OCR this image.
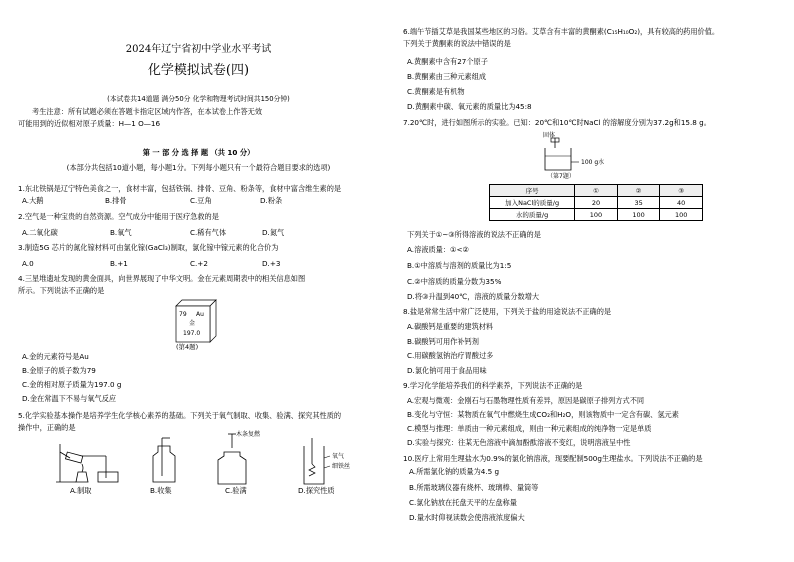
2024年辽宁省初中学业水平考试
化学模拟试卷(四)
(本试卷共14道题 满分50分 化学和物理考试时间共150分钟)
考生注意：所有试题必须在答题卡指定区域内作答，在本试卷上作答无效
可能用到的近似相对原子质量：H—1 O—16
第 一 部 分 选 择 题 （共 10 分）
(本部分共包括10道小题，每小题1分。下列每小题只有一个最符合题目要求的选项)
1.东北铁锅是辽宁特色美食之一，食材丰富，包括铁锅、排骨、豆角、粉条等，食材中富含维生素的是
A.大鹅	B.排骨	C.豆角	D.粉条
2.空气是一种宝贵的自然资源。空气成分中能用于医疗急救的是
A.二氧化碳	B.氧气	C.稀有气体	D.氮气
3.制造5G 芯片的氮化镓材料可由氯化镓(GaCl₃)制取，氯化镓中镓元素的化合价为
A.0	B.+1	C.+2	D.+3
4.三星堆遗址发现的黄金面具，向世界展现了中华文明。金在元素周期表中的相关信息如图
所示。下列说法不正确的是
79 Au
金
197.0
(第4题)
A.金的元素符号是Au
B.金原子的质子数为79
C.金的相对原子质量为197.0 g
D.金在常温下不易与氧气反应
5.化学实验基本操作是培养学生化学核心素养的基础。下列关于氧气制取、收集、验满、探究其性质的
操作中，正确的是
木条复燃
氧气
细铁丝
A.制取	B.收集	C.验满	D.探究性质
6.端午节插艾草是我国某些地区的习俗。艾草含有丰富的黄酮素(C₁₅H₁₀O₂)，具有较高的药用价值。
下列关于黄酮素的说法中错误的是
A.黄酮素中含有27个原子
B.黄酮素由三种元素组成
C.黄酮素是有机物
D.黄酮素中碳、氧元素的质量比为45:8
7.20℃时，进行如图所示的实验。已知：20℃和10℃时NaCl 的溶解度分别为37.2g和15.8 g。
固体
100 g水
（第7题）
序号	①	②	③
加入NaCl的质量/g	20	35	40
水的质量/g	100	100	100
下列关于①~③所得溶液的说法不正确的是
A.溶液质量：①<②
B.①中溶质与溶剂的质量比为1:5
C.②中溶质的质量分数为35%
D.将③升温到40℃，溶液的质量分数增大
8.盐是常常生活中常广泛使用，下列关于盐的用途说法不正确的是
A.碳酸钙是重要的建筑材料
B.碳酸钙可用作补钙剂
C.用碳酸氢钠治疗胃酸过多
D.氯化钠可用于食品用味
9.学习化学能培养我们的科学素养，下列说法不正确的是
A.宏观与微观：金刚石与石墨物理性质有差异，原因是碳原子排列方式不同
B.变化与守恒：某物质在氧气中燃烧生成CO₂和H₂O，则该物质中一定含有碳、氢元素
C.模型与推理：单质由一种元素组成，则由一种元素组成的纯净物一定是单质
D.实验与探究：往某无色溶液中滴加酚酞溶液不变红，说明溶液呈中性
10.医疗上常用生理盐水为0.9%的氯化钠溶液，现要配制500g生理盐水。下列说法不正确的是
A.所需氯化钠的质量为4.5 g
B.所需玻璃仪器有烧杯、玻璃棒、量筒等
C.氯化钠放在托盘天平的左盘称量
D.量水时仰视读数会使溶液浓度偏大
